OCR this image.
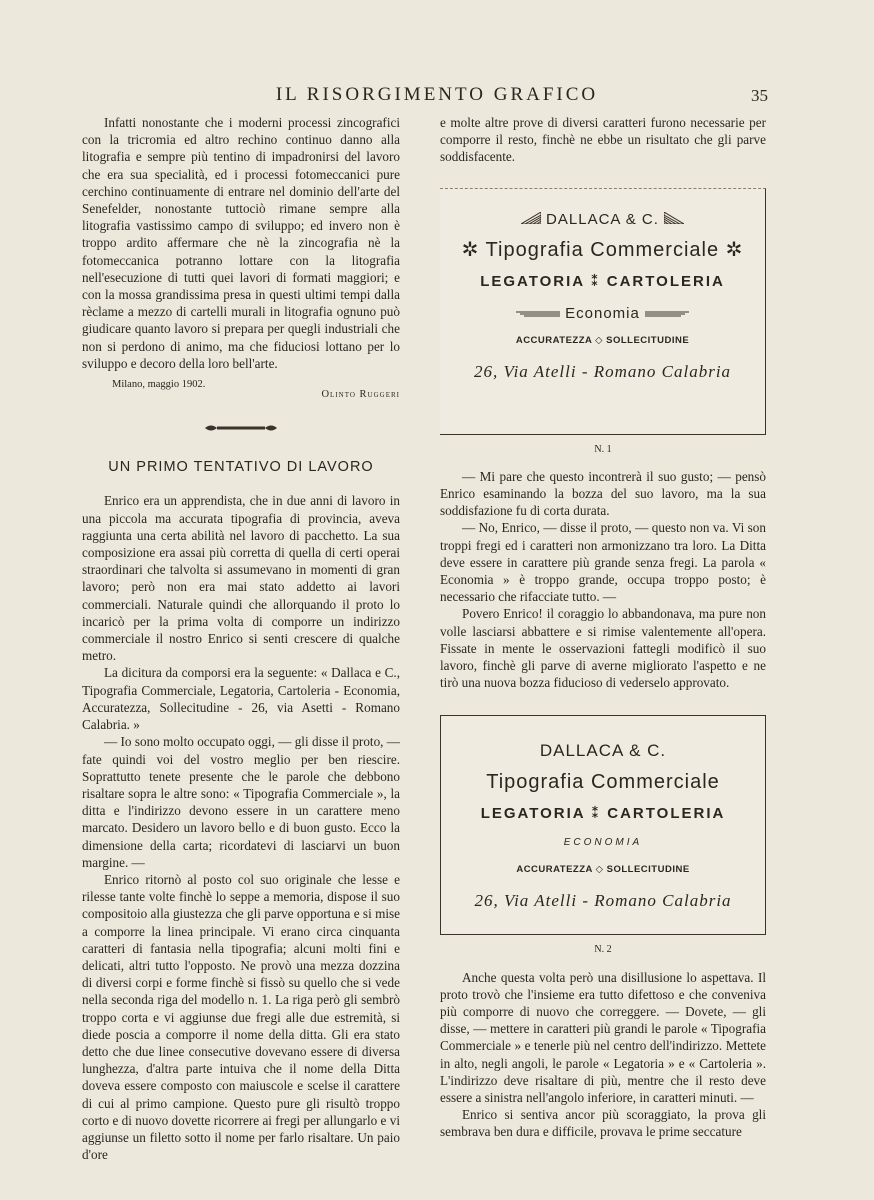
IL RISORGIMENTO GRAFICO	35

Infatti nonostante che i moderni processi zincografici con la tricromia ed altro rechino continuo danno alla litografia e sempre più tentino di impadronirsi del lavoro che era sua specialità, ed i processi fotomeccanici pure cerchino continuamente di entrare nel dominio dell'arte del Senefelder, nonostante tuttociò rimane sempre alla litografia vastissimo campo di sviluppo; ed invero non è troppo ardito affermare che nè la zincografia nè la fotomeccanica potranno lottare con la litografia nell'esecuzione di tutti quei lavori di formati maggiori; e con la mossa grandissima presa in questi ultimi tempi dalla rèclame a mezzo di cartelli murali in litografia ognuno può giudicare quanto lavoro si prepara per quegli industriali che non si perdono di animo, ma che fiduciosi lottano per lo sviluppo e decoro della loro bell'arte.

Milano, maggio 1902.
Olinto Ruggeri
UN PRIMO TENTATIVO DI LAVORO

Enrico era un apprendista, che in due anni di lavoro in una piccola ma accurata tipografia di provincia, aveva raggiunta una certa abilità nel lavoro di pacchetto. La sua composizione era assai più corretta di quella di certi operai straordinari che talvolta si assumevano in momenti di gran lavoro; però non era mai stato addetto ai lavori commerciali. Naturale quindi che allorquando il proto lo incaricò per la prima volta di comporre un indirizzo commerciale il nostro Enrico si senti crescere di qualche metro.

La dicitura da comporsi era la seguente: « Dallaca e C., Tipografia Commerciale, Legatoria, Cartoleria - Economia, Accuratezza, Sollecitudine - 26, via Asetti - Romano Calabria. »

— Io sono molto occupato oggi, — gli disse il proto, — fate quindi voi del vostro meglio per ben riescire. Soprattutto tenete presente che le parole che debbono risaltare sopra le altre sono: « Tipografia Commerciale », la ditta e l'indirizzo devono essere in un carattere meno marcato. Desidero un lavoro bello e di buon gusto. Ecco la dimensione della carta; ricordatevi di lasciarvi un buon margine. —

Enrico ritornò al posto col suo originale che lesse e rilesse tante volte finchè lo seppe a memoria, dispose il suo compositoio alla giustezza che gli parve opportuna e si mise a comporre la linea principale. Vi erano circa cinquanta caratteri di fantasia nella tipografia; alcuni molti fini e delicati, altri tutto l'opposto. Ne provò una mezza dozzina di diversi corpi e forme finchè si fissò su quello che si vede nella seconda riga del modello n. 1. La riga però gli sembrò troppo corta e vi aggiunse due fregi alle due estremità, si diede poscia a comporre il nome della ditta. Gli era stato detto che due linee consecutive dovevano essere di diversa lunghezza, d'altra parte intuiva che il nome della Ditta doveva essere composto con maiuscole e scelse il carattere di cui al primo campione. Questo pure gli risultò troppo corto e di nuovo dovette ricorrere ai fregi per allungarlo e vi aggiunse un filetto sotto il nome per farlo risaltare. Un paio d'ore

e molte altre prove di diversi caratteri furono necessarie per comporre il resto, finchè ne ebbe un risultato che gli parve soddisfacente.

DALLACA & C.
✲ Tipografia Commerciale ✲
LEGATORIA ⁑ CARTOLERIA
Economia
ACCURATEZZA ◇ SOLLECITUDINE
26, Via Atelli - Romano Calabria
N. 1

— Mi pare che questo incontrerà il suo gusto; — pensò Enrico esaminando la bozza del suo lavoro, ma la sua soddisfazione fu di corta durata.

— No, Enrico, — disse il proto, — questo non va. Vi son troppi fregi ed i caratteri non armonizzano tra loro. La Ditta deve essere in carattere più grande senza fregi. La parola « Economia » è troppo grande, occupa troppo posto; è necessario che rifacciate tutto. —

Povero Enrico! il coraggio lo abbandonava, ma pure non volle lasciarsi abbattere e si rimise valentemente all'opera. Fissate in mente le osservazioni fattegli modificò il suo lavoro, finchè gli parve di averne migliorato l'aspetto e ne tirò una nuova bozza fiducioso di vederselo approvato.

DALLACA & C.
Tipografia Commerciale
LEGATORIA ⁑ CARTOLERIA
ECONOMIA
ACCURATEZZA ◇ SOLLECITUDINE
26, Via Atelli - Romano Calabria
N. 2

Anche questa volta però una disillusione lo aspettava. Il proto trovò che l'insieme era tutto difettoso e che conveniva più comporre di nuovo che correggere. — Dovete, — gli disse, — mettere in caratteri più grandi le parole « Tipografia Commerciale » e tenerle più nel centro dell'indirizzo. Mettete in alto, negli angoli, le parole « Legatoria » e « Cartoleria ». L'indirizzo deve risaltare di più, mentre che il resto deve essere a sinistra nell'angolo inferiore, in caratteri minuti. —

Enrico si sentiva ancor più scoraggiato, la prova gli sembrava ben dura e difficile, provava le prime seccature
